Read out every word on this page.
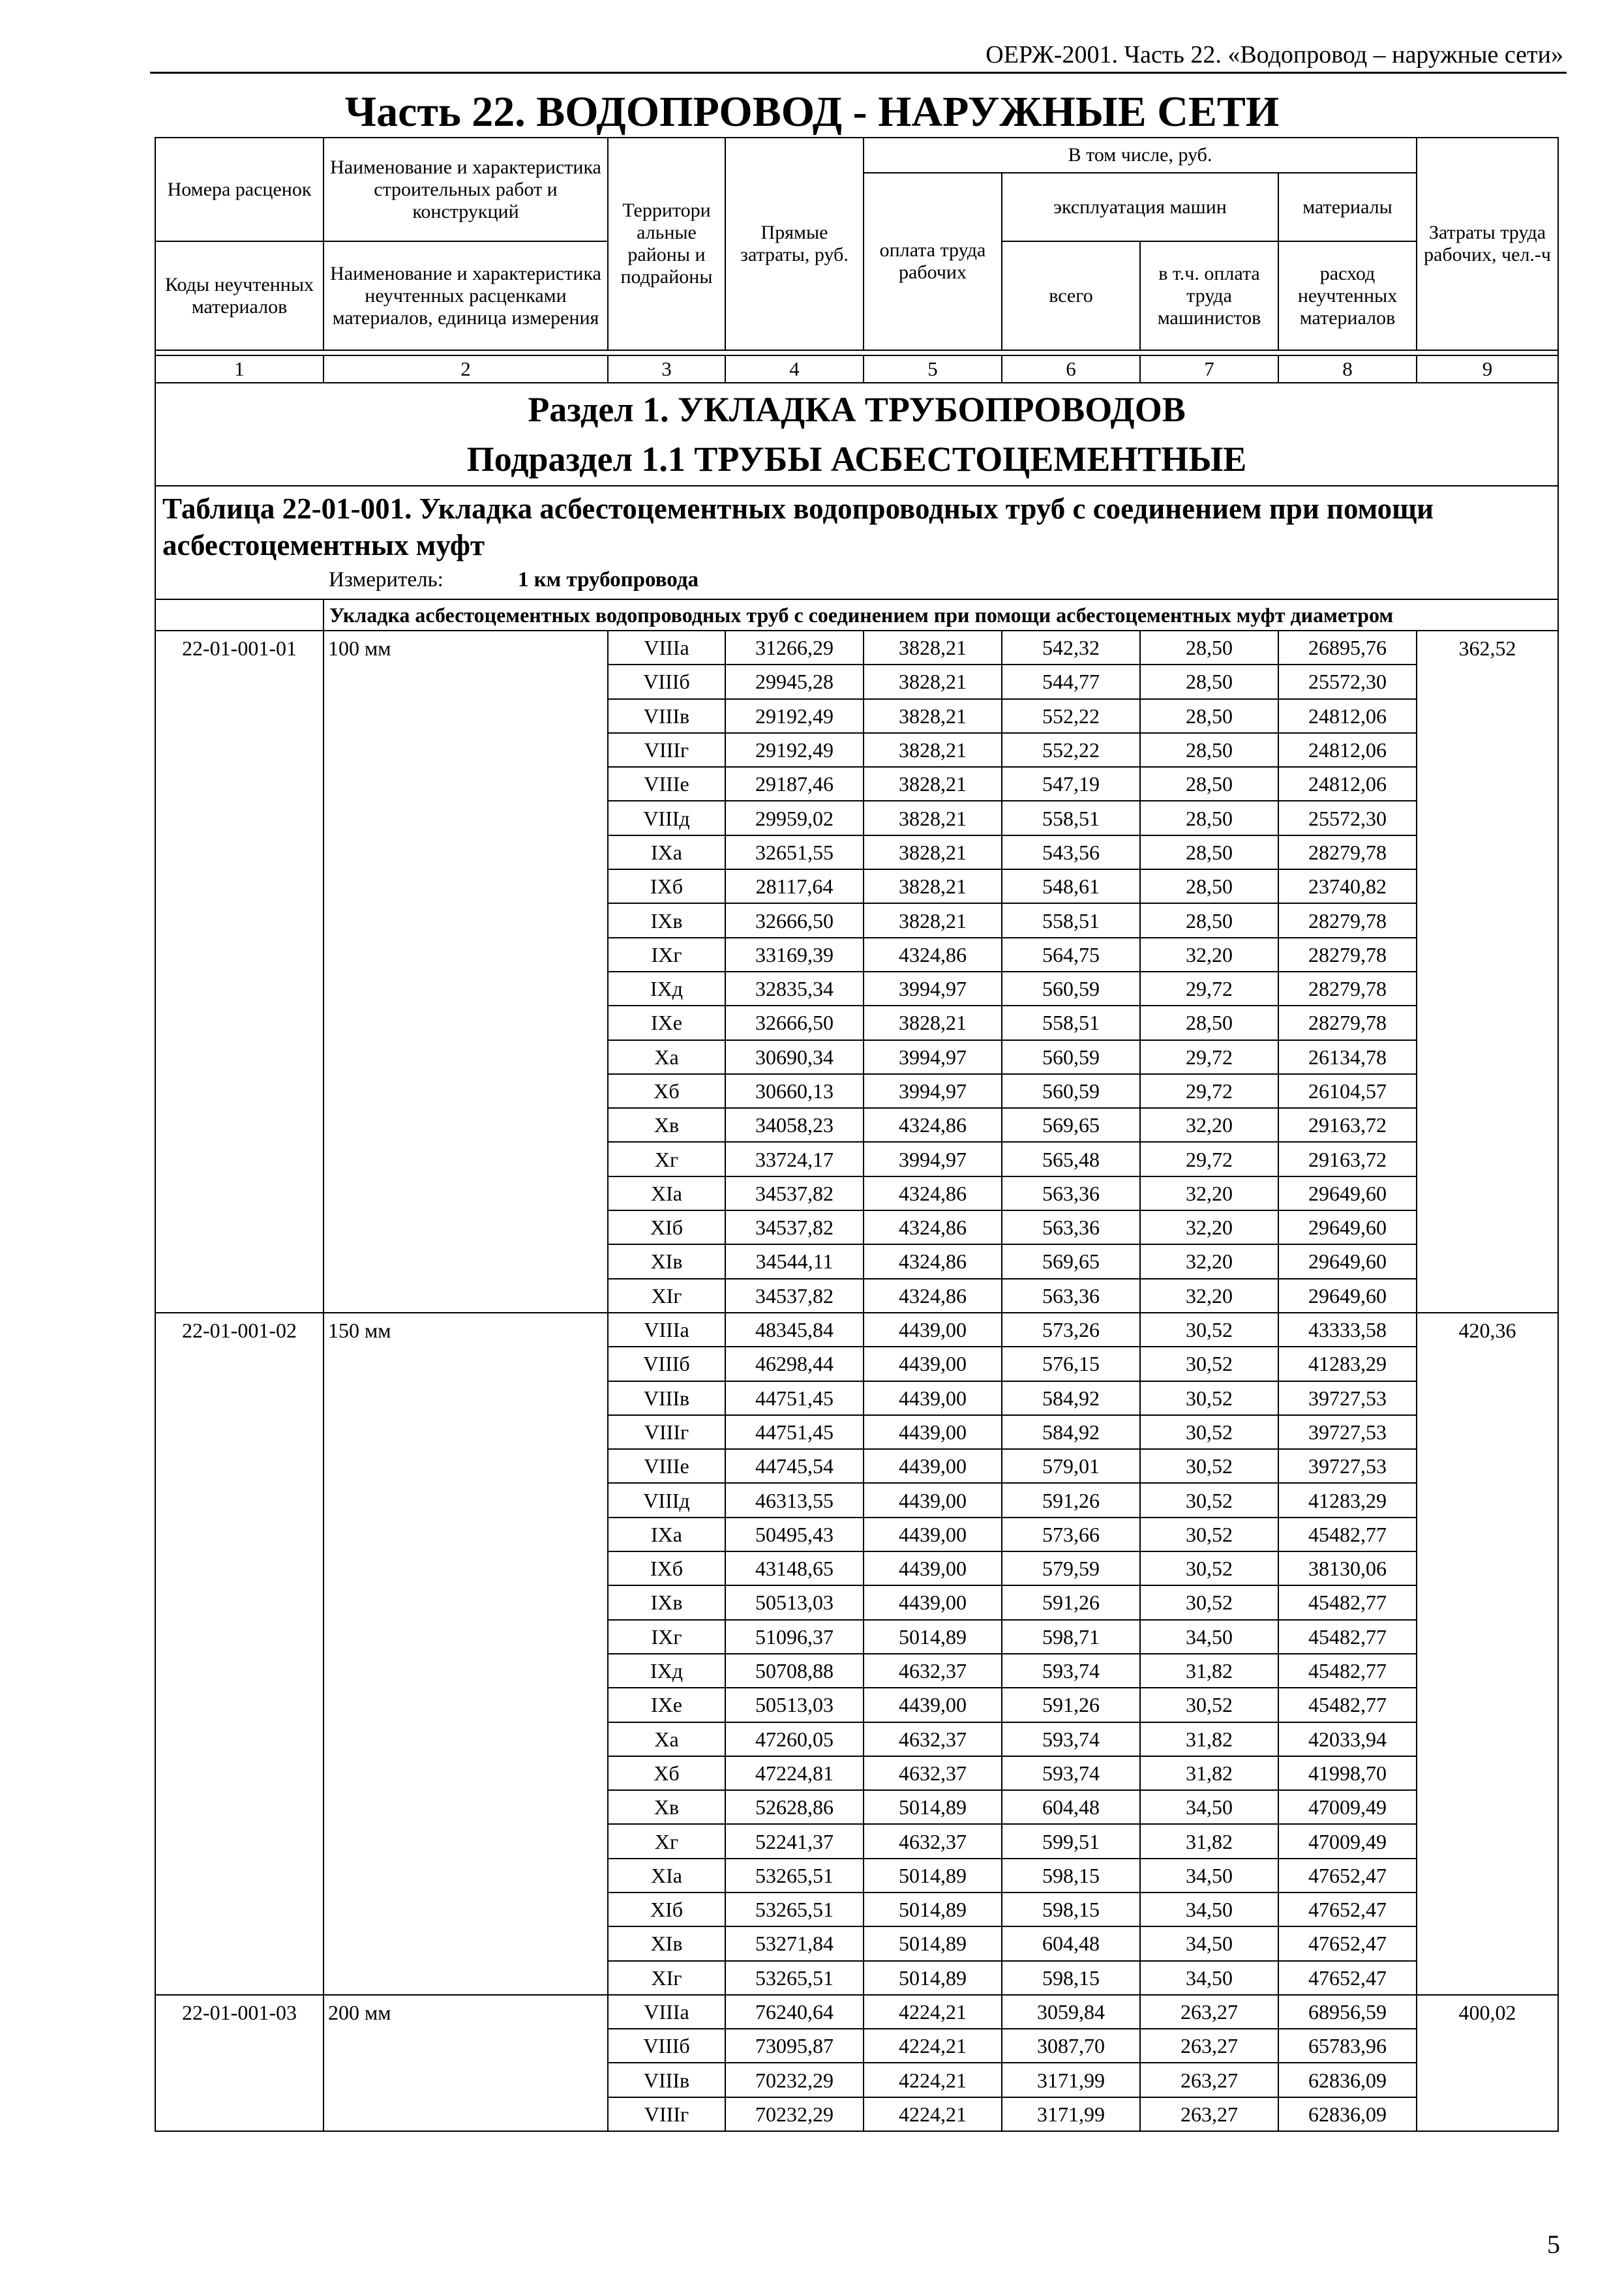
ОЕРЖ-2001. Часть 22. «Водопровод – наружные сети»
Часть 22. ВОДОПРОВОД - НАРУЖНЫЕ СЕТИ
Номера расценок	Наименование и характеристика строительных работ и конструкций	Территори альные районы и подрайоны	Прямые затраты, руб.	В том числе, руб.				Затраты труда рабочих, чел.-ч
				оплата труда рабочих	эксплуатация машин		материалы	
Коды неучтенных материалов	Наименование и характеристика неучтенных расценками материалов, единица измерения				всего	в т.ч. оплата труда машинистов	расход неучтенных материалов	

1	2	3	4	5	6	7	8	9

Раздел 1. УКЛАДКА ТРУБОПРОВОДОВ
Подраздел 1.1 ТРУБЫ АСБЕСТОЦЕМЕНТНЫЕ								

Таблица 22-01-001. Укладка асбестоцементных водопроводных труб с соединением при помощи асбестоцементных муфт
Измеритель: 1 км трубопровода								

	Укладка асбестоцементных водопроводных труб с соединением при помощи асбестоцементных муфт диаметром							
22-01-001-01	100 мм	VIIIа	31266,29	3828,21	542,32	28,50	26895,76	362,52
		VIIIб	29945,28	3828,21	544,77	28,50	25572,30	
		VIIIв	29192,49	3828,21	552,22	28,50	24812,06	
		VIIIг	29192,49	3828,21	552,22	28,50	24812,06	
		VIIIе	29187,46	3828,21	547,19	28,50	24812,06	
		VIIIд	29959,02	3828,21	558,51	28,50	25572,30	
		IXа	32651,55	3828,21	543,56	28,50	28279,78	
		IXб	28117,64	3828,21	548,61	28,50	23740,82	
		IXв	32666,50	3828,21	558,51	28,50	28279,78	
		IXг	33169,39	4324,86	564,75	32,20	28279,78	
		IXд	32835,34	3994,97	560,59	29,72	28279,78	
		IXе	32666,50	3828,21	558,51	28,50	28279,78	
		Xа	30690,34	3994,97	560,59	29,72	26134,78	
		Xб	30660,13	3994,97	560,59	29,72	26104,57	
		Xв	34058,23	4324,86	569,65	32,20	29163,72	
		Xг	33724,17	3994,97	565,48	29,72	29163,72	
		XIа	34537,82	4324,86	563,36	32,20	29649,60	
		XIб	34537,82	4324,86	563,36	32,20	29649,60	
		XIв	34544,11	4324,86	569,65	32,20	29649,60	
		XIг	34537,82	4324,86	563,36	32,20	29649,60	
22-01-001-02	150 мм	VIIIа	48345,84	4439,00	573,26	30,52	43333,58	420,36
		VIIIб	46298,44	4439,00	576,15	30,52	41283,29	
		VIIIв	44751,45	4439,00	584,92	30,52	39727,53	
		VIIIг	44751,45	4439,00	584,92	30,52	39727,53	
		VIIIе	44745,54	4439,00	579,01	30,52	39727,53	
		VIIIд	46313,55	4439,00	591,26	30,52	41283,29	
		IXа	50495,43	4439,00	573,66	30,52	45482,77	
		IXб	43148,65	4439,00	579,59	30,52	38130,06	
		IXв	50513,03	4439,00	591,26	30,52	45482,77	
		IXг	51096,37	5014,89	598,71	34,50	45482,77	
		IXд	50708,88	4632,37	593,74	31,82	45482,77	
		IXе	50513,03	4439,00	591,26	30,52	45482,77	
		Xа	47260,05	4632,37	593,74	31,82	42033,94	
		Xб	47224,81	4632,37	593,74	31,82	41998,70	
		Xв	52628,86	5014,89	604,48	34,50	47009,49	
		Xг	52241,37	4632,37	599,51	31,82	47009,49	
		XIа	53265,51	5014,89	598,15	34,50	47652,47	
		XIб	53265,51	5014,89	598,15	34,50	47652,47	
		XIв	53271,84	5014,89	604,48	34,50	47652,47	
		XIг	53265,51	5014,89	598,15	34,50	47652,47	
22-01-001-03	200 мм	VIIIа	76240,64	4224,21	3059,84	263,27	68956,59	400,02
		VIIIб	73095,87	4224,21	3087,70	263,27	65783,96	
		VIIIв	70232,29	4224,21	3171,99	263,27	62836,09	
		VIIIг	70232,29	4224,21	3171,99	263,27	62836,09	
5
